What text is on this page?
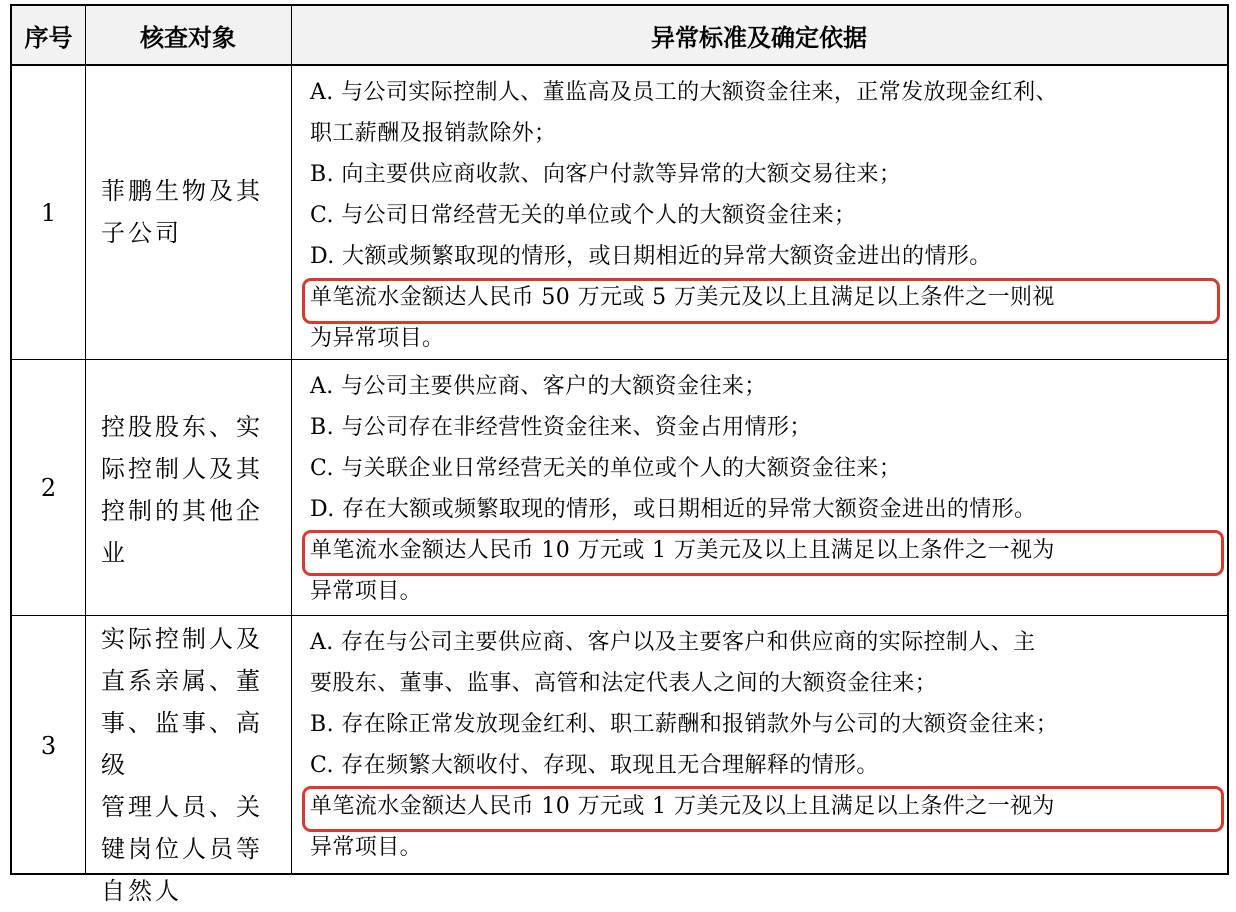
序号	核查对象	异常标准及确定依据
1
菲鹏生物及其
子公司
A. 与公司实际控制人、董监高及员工的大额资金往来，正常发放现金红利、
职工薪酬及报销款除外；
B. 向主要供应商收款、向客户付款等异常的大额交易往来；
C. 与公司日常经营无关的单位或个人的大额资金往来；
D. 大额或频繁取现的情形，或日期相近的异常大额资金进出的情形。
单笔流水金额达人民币 50 万元或 5 万美元及以上且满足以上条件之一则视
为异常项目。
2
控股股东、实
际控制人及其
控制的其他企
业
A. 与公司主要供应商、客户的大额资金往来；
B. 与公司存在非经营性资金往来、资金占用情形；
C. 与关联企业日常经营无关的单位或个人的大额资金往来；
D. 存在大额或频繁取现的情形，或日期相近的异常大额资金进出的情形。
单笔流水金额达人民币 10 万元或 1 万美元及以上且满足以上条件之一视为
异常项目。
3
实际控制人及
直系亲属、董
事、监事、高级
管理人员、关
键岗位人员等
自然人
A. 存在与公司主要供应商、客户以及主要客户和供应商的实际控制人、主
要股东、董事、监事、高管和法定代表人之间的大额资金往来；
B. 存在除正常发放现金红利、职工薪酬和报销款外与公司的大额资金往来；
C. 存在频繁大额收付、存现、取现且无合理解释的情形。
单笔流水金额达人民币 10 万元或 1 万美元及以上且满足以上条件之一视为
异常项目。
